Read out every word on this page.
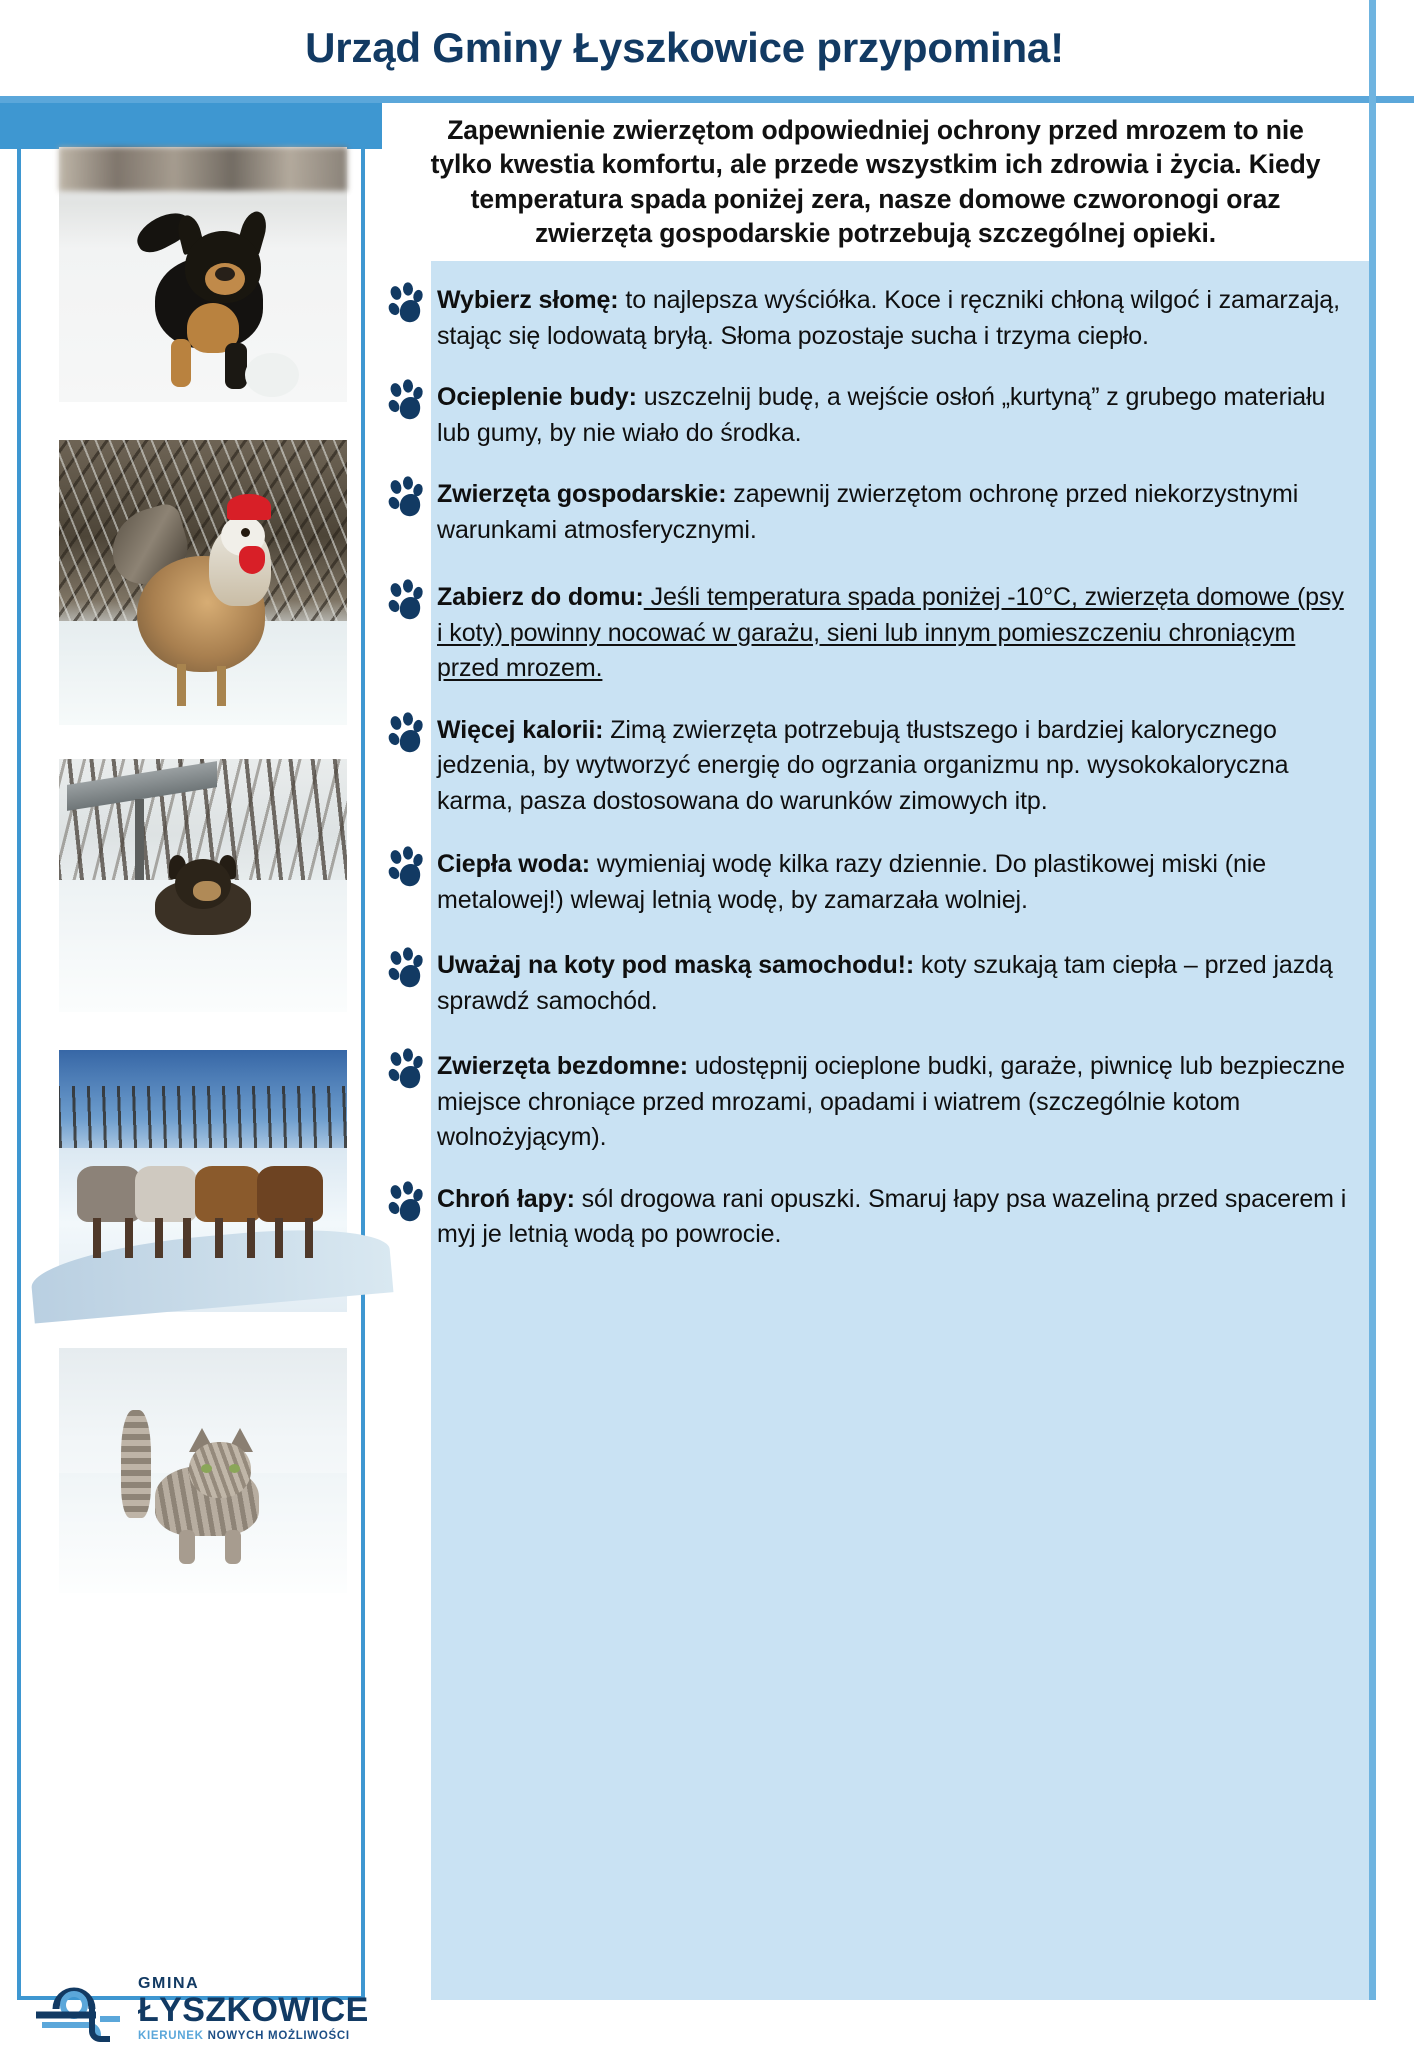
Urząd Gminy Łyszkowice przypomina!
GMINA
ŁYSZKOWICE
KIERUNEK NOWYCH MOŻLIWOŚCI

Zapewnienie zwierzętom odpowiedniej ochrony przed mrozem to nie tylko kwestia komfortu, ale przede wszystkim ich zdrowia i życia. Kiedy temperatura spada poniżej zera, nasze domowe czworonogi oraz zwierzęta gospodarskie potrzebują szczególnej opieki.

Wybierz słomę: to najlepsza wyściółka. Koce i ręczniki chłoną wilgoć i zamarzają, stając się lodowatą bryłą. Słoma pozostaje sucha i trzyma ciepło.
Ocieplenie budy: uszczelnij budę, a wejście osłoń „kurtyną” z grubego materiału lub gumy, by nie wiało do środka.
Zwierzęta gospodarskie: zapewnij zwierzętom ochronę przed niekorzystnymi warunkami atmosferycznymi.
Zabierz do domu: Jeśli temperatura spada poniżej -10°C, zwierzęta domowe (psy i koty) powinny nocować w garażu, sieni lub innym pomieszczeniu chroniącym przed mrozem.
Więcej kalorii: Zimą zwierzęta potrzebują tłustszego i bardziej kalorycznego jedzenia, by wytworzyć energię do ogrzania organizmu np. wysokokaloryczna karma, pasza dostosowana do warunków zimowych itp.
Ciepła woda: wymieniaj wodę kilka razy dziennie. Do plastikowej miski (nie metalowej!) wlewaj letnią wodę, by zamarzała wolniej.
Uważaj na koty pod maską samochodu!: koty szukają tam ciepła – przed jazdą sprawdź samochód.
Zwierzęta bezdomne: udostępnij ocieplone budki, garaże, piwnicę lub bezpieczne miejsce chroniące przed mrozami, opadami i wiatrem (szczególnie kotom wolnożyjącym).
Chroń łapy: sól drogowa rani opuszki. Smaruj łapy psa wazeliną przed spacerem i myj je letnią wodą po powrocie.
